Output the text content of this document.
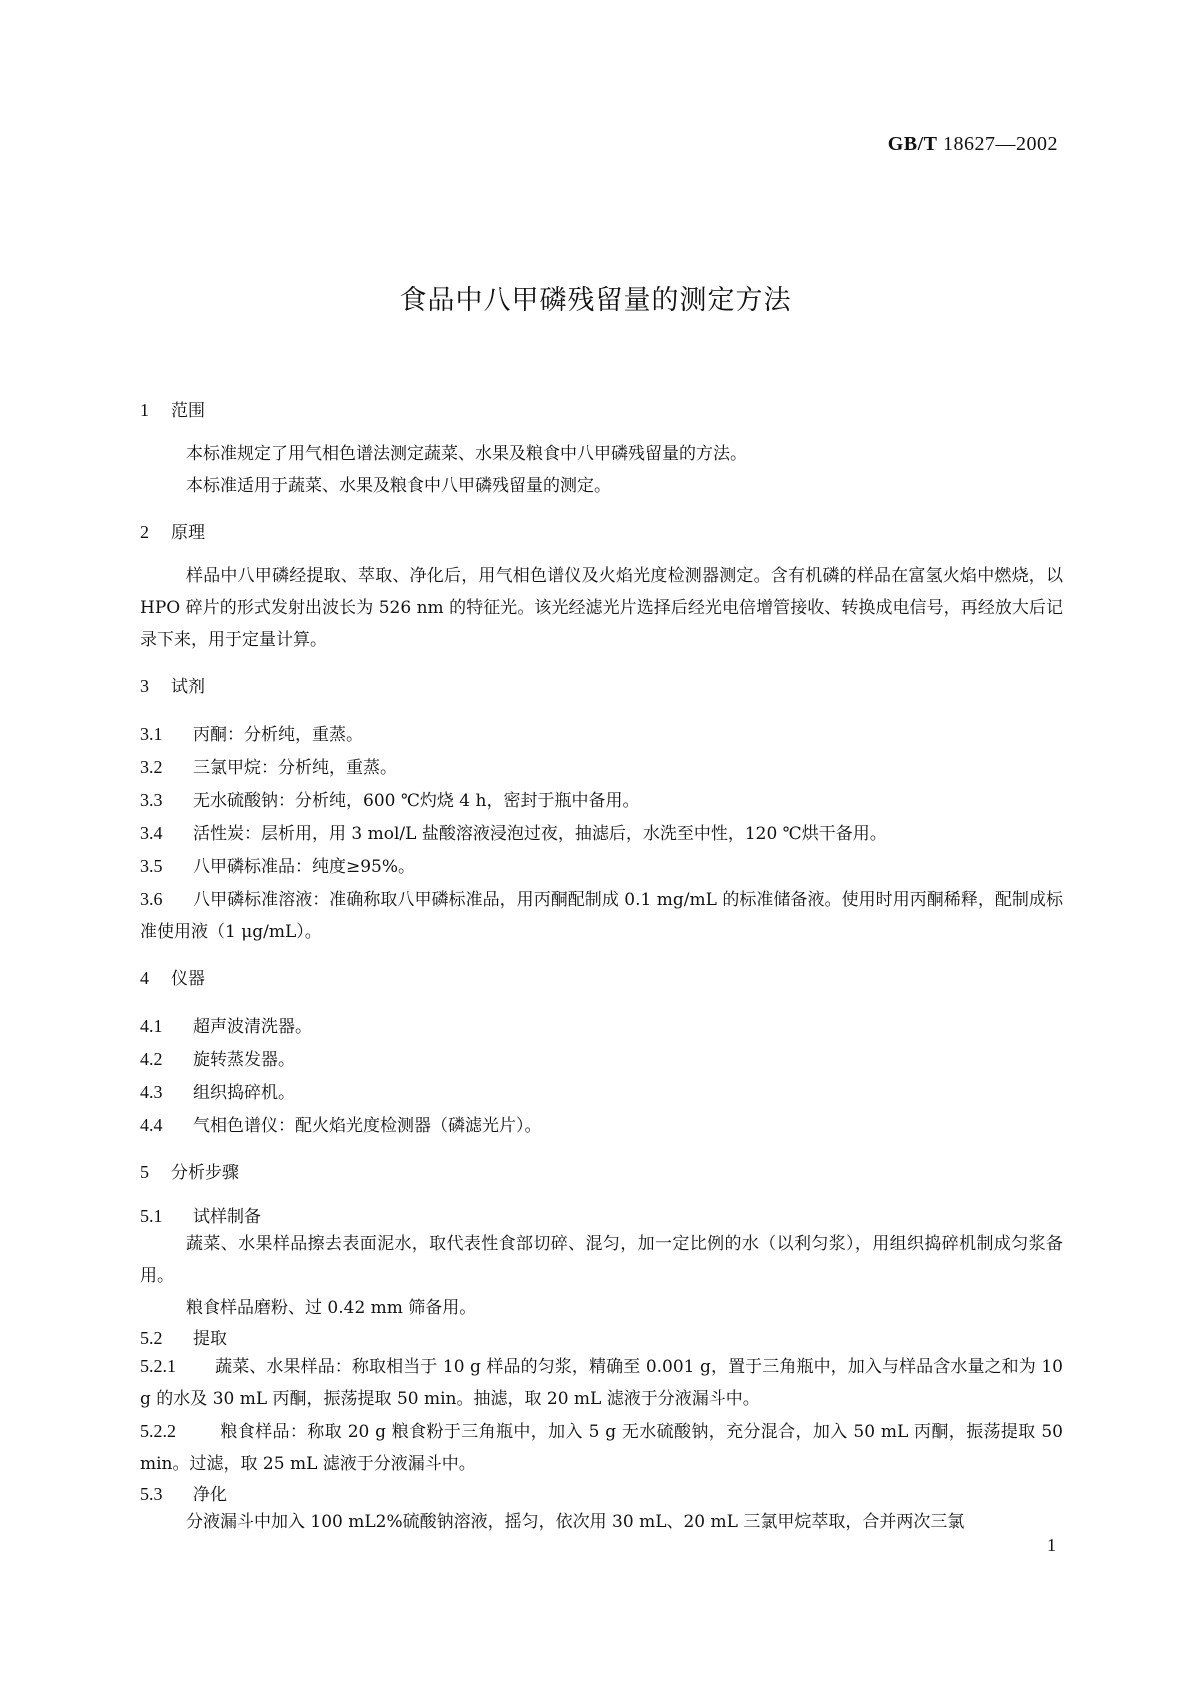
GB/T 18627—2002
食品中八甲磷残留量的测定方法
1 范围
本标准规定了用气相色谱法测定蔬菜、水果及粮食中八甲磷残留量的方法。
本标准适用于蔬菜、水果及粮食中八甲磷残留量的测定。
2 原理
样品中八甲磷经提取、萃取、净化后，用气相色谱仪及火焰光度检测器测定。含有机磷的样品在富氢火焰中燃烧，以 HPO 碎片的形式发射出波长为 526 nm 的特征光。该光经滤光片选择后经光电倍增管接收、转换成电信号，再经放大后记录下来，用于定量计算。
3 试剂
3.1 丙酮：分析纯，重蒸。
3.2 三氯甲烷：分析纯，重蒸。
3.3 无水硫酸钠：分析纯，600 ℃灼烧 4 h，密封于瓶中备用。
3.4 活性炭：层析用，用 3 mol/L 盐酸溶液浸泡过夜，抽滤后，水洗至中性，120 ℃烘干备用。
3.5 八甲磷标准品：纯度≥95%。
3.6 八甲磷标准溶液：准确称取八甲磷标准品，用丙酮配制成 0.1 mg/mL 的标准储备液。使用时用丙酮稀释，配制成标准使用液（1 μg/mL）。
4 仪器
4.1 超声波清洗器。
4.2 旋转蒸发器。
4.3 组织捣碎机。
4.4 气相色谱仪：配火焰光度检测器（磷滤光片）。
5 分析步骤
5.1 试样制备
蔬菜、水果样品擦去表面泥水，取代表性食部切碎、混匀，加一定比例的水（以利匀浆），用组织捣碎机制成匀浆备用。
粮食样品磨粉、过 0.42 mm 筛备用。
5.2 提取
5.2.1 蔬菜、水果样品：称取相当于 10 g 样品的匀浆，精确至 0.001 g，置于三角瓶中，加入与样品含水量之和为 10 g 的水及 30 mL 丙酮，振荡提取 50 min。抽滤，取 20 mL 滤液于分液漏斗中。
5.2.2	粮食样品：称取 20 g 粮食粉于三角瓶中，加入 5 g 无水硫酸钠，充分混合，加入 50 mL 丙酮，振荡提取 50 min。过滤，取 25 mL 滤液于分液漏斗中。
5.3 净化
分液漏斗中加入 100 mL2%硫酸钠溶液，摇匀，依次用 30 mL、20 mL 三氯甲烷萃取，合并两次三氯
1
